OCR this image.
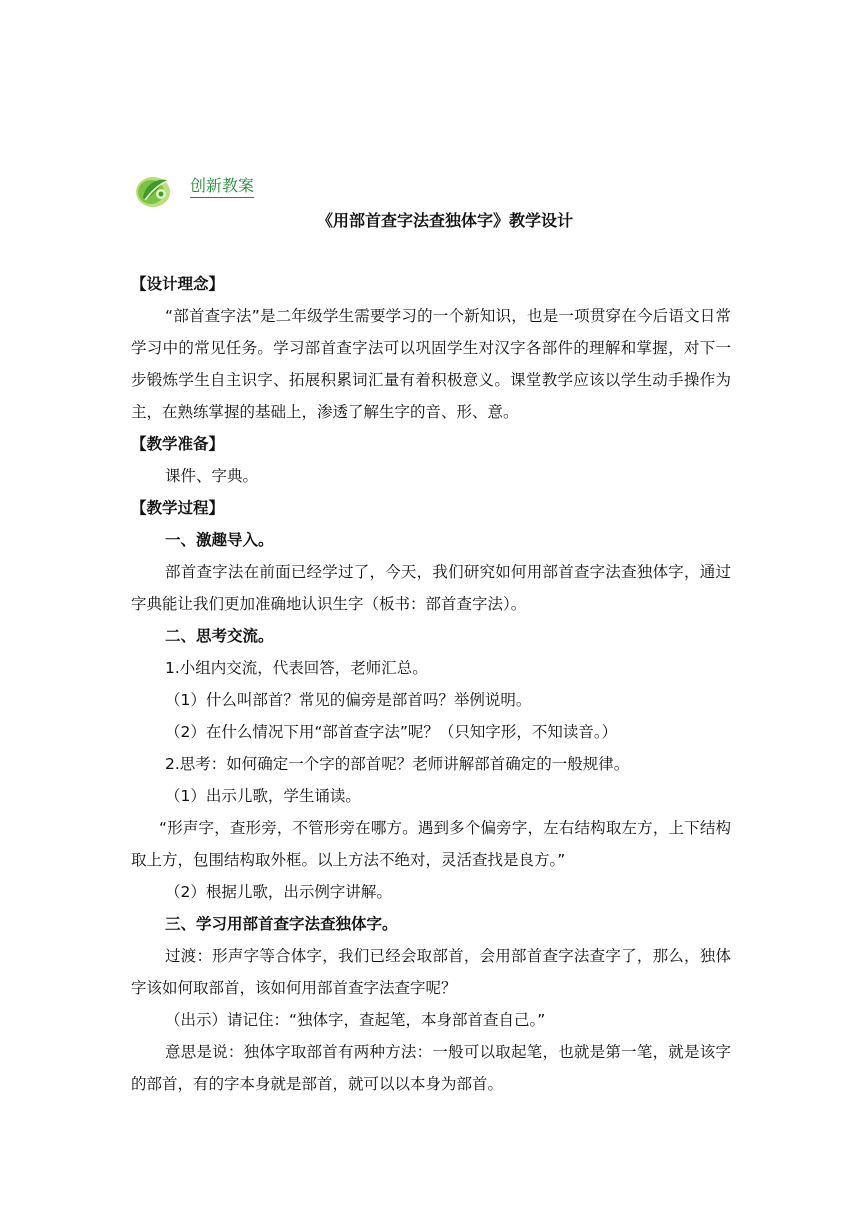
创新教案
《用部首查字法查独体字》教学设计

【设计理念】

“部首查字法”是二年级学生需要学习的一个新知识，也是一项贯穿在今后语文日常学习中的常见任务。学习部首查字法可以巩固学生对汉字各部件的理解和掌握，对下一步锻炼学生自主识字、拓展积累词汇量有着积极意义。课堂教学应该以学生动手操作为主，在熟练掌握的基础上，渗透了解生字的音、形、意。

【教学准备】

课件、字典。

【教学过程】

一、激趣导入。

部首查字法在前面已经学过了，今天，我们研究如何用部首查字法查独体字，通过字典能让我们更加准确地认识生字（板书：部首查字法）。

二、思考交流。

1.小组内交流，代表回答，老师汇总。

（1）什么叫部首？常见的偏旁是部首吗？举例说明。

（2）在什么情况下用“部首查字法”呢？（只知字形，不知读音。）

2.思考：如何确定一个字的部首呢？老师讲解部首确定的一般规律。

（1）出示儿歌，学生诵读。

“形声字，查形旁，不管形旁在哪方。遇到多个偏旁字，左右结构取左方，上下结构取上方，包围结构取外框。以上方法不绝对，灵活查找是良方。”

（2）根据儿歌，出示例字讲解。

三、学习用部首查字法查独体字。

过渡：形声字等合体字，我们已经会取部首，会用部首查字法查字了，那么，独体字该如何取部首，该如何用部首查字法查字呢？

（出示）请记住：“独体字，查起笔，本身部首查自己。”

意思是说：独体字取部首有两种方法：一般可以取起笔，也就是第一笔，就是该字的部首，有的字本身就是部首，就可以以本身为部首。
